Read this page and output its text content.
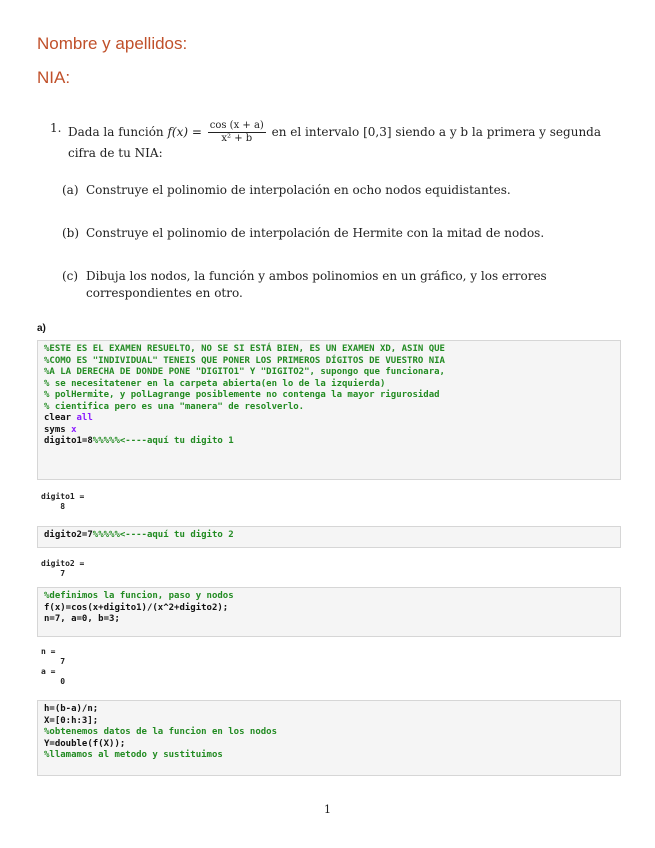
Nombre y apellidos:
NIA:
1. Dada la función $f(x) = \frac{\cos (x + a)}{\text{x² + b}}$ en el intervalo [0,3] siendo a y b la primera y segunda cifra de tu NIA:
(a) Construye el polinomio de interpolación en ocho nodos equidistantes.
(b) Construye el polinomio de interpolación de Hermite con la mitad de nodos.
(c) Dibuja los nodos, la función y ambos polinomios en un gráfico, y los errores correspondientes en otro.
a)
%ESTE ES EL EXAMEN RESUELTO, NO SE SI ESTÁ BIEN, ES UN EXAMEN XD, ASIN QUE
%COMO ES "INDIVIDUAL" TENEIS QUE PONER LOS PRIMEROS DÍGITOS DE VUESTRO NIA
%A LA DERECHA DE DONDE PONE "DIGITO1" Y "DIGITO2", supongo que funcionara,
% se necesitatener en la carpeta abierta(en lo de la izquierda)
% polHermite, y polLagrange posiblemente no contenga la mayor rigurosidad
% cientifica pero es una "manera" de resolverlo.
clear all
syms x
digito1=8%%%%%<----aquí tu digito 1
digito1 =
8
digito2=7%%%%%<----aquí tu digito 2
digito2 =
7
%definimos la funcion, paso y nodos
f(x)=cos(x+digito1)/(x^2+digito2);
n=7, a=0, b=3;
n =
7
a =
0
h=(b-a)/n;
X=[0:h:3];
%obtenemos datos de la funcion en los nodos
Y=double(f(X));
%llamamos al metodo y sustituimos
1
